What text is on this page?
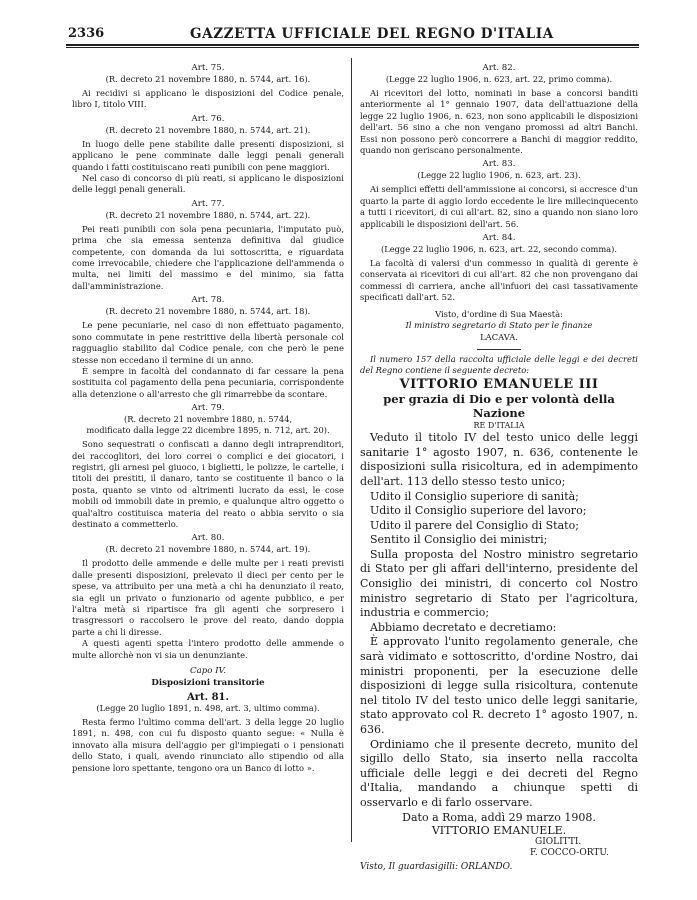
2336	GAZZETTA UFFICIALE DEL REGNO D'ITALIA

Art. 75.

(R. decreto 21 novembre 1880, n. 5744, art. 16).

Ai recidivi si applicano le disposizioni del Codice penale, libro I, titolo VIII.

Art. 76.

(R. decreto 21 novembre 1880, n. 5744, art. 21).

In luogo delle pene stabilite dalle presenti disposizioni, si applicano le pene comminate dalle leggi penali generali quando i fatti costituiscano reati punibili con pene maggiori.

Nel caso di concorso di più reati, si applicano le disposizioni delle leggi penali generali.

Art. 77.

(R. decreto 21 novembre 1880, n. 5744, art. 22).

Pei reati punibili con sola pena pecuniaria, l'imputato può, prima che sia emessa sentenza definitiva dal giudice competente, con domanda da lui sottoscritta, e riguardata come irrevocabile, chiedere che l'applicazione dell'ammenda o multa, nei limiti del massimo e del minimo, sia fatta dall'amministrazione.

Art. 78.

(R. decreto 21 novembre 1880, n. 5744, art. 18).

Le pene pecuniarie, nel caso di non effettuato pagamento, sono commutate in pene restrittive della libertà personale col ragguaglio stabilito dal Codice penale, con che però le pene stesse non eccedano il termine di un anno.

È sempre in facoltà del condannato di far cessare la pena sostituita col pagamento della pena pecuniaria, corrispondente alla detenzione o all'arresto che gli rimarrebbe da scontare.

Art. 79.

(R. decreto 21 novembre 1880, n. 5744,

modificato dalla legge 22 dicembre 1895, n. 712, art. 20).

Sono sequestrati o confiscati a danno degli intraprenditori, dei raccoglitori, dei loro correi o complici e dei giocatori, i registri, gli arnesi pel giuoco, i biglietti, le polizze, le cartelle, i titoli dei prestiti, il danaro, tanto se costituente il banco o la posta, quanto se vinto od altrimenti lucrato da essi, le cose mobili od immobili date in premio, e qualunque altro oggetto o qual'altro costituisca materia del reato o abbia servito o sia destinato a commetterlo.

Art. 80.

(R. decreto 21 novembre 1880, n. 5744, art. 19).

Il prodotto delle ammende e delle multe per i reati previsti dalle presenti disposizioni, prelevato il dieci per cento per le spese, va attribuito per una metà a chi ha denunziato il reato, sia egli un privato o funzionario od agente pubblico, e per l'altra metà si ripartisce fra gli agenti che sorpresero i trasgressori o raccolsero le prove del reato, dando doppia parte a chi li diresse.

A questi agenti spetta l'intero prodotto delle ammende o multe allorchè non vi sia un denunziante.

Capo IV.

Disposizioni transitorie

Art. 81.

(Legge 20 luglio 1891, n. 498, art. 3, ultimo comma).

Resta fermo l'ultimo comma dell'art. 3 della legge 20 luglio 1891, n. 498, con cui fu disposto quanto segue: « Nulla è innovato alla misura dell'aggio per gl'impiegati o i pensionati dello Stato, i quali, avendo rinunciato allo stipendio od alla pensione loro spettante, tengono ora un Banco di lotto ».

Art. 82.

(Legge 22 luglio 1906, n. 623, art. 22, primo comma).

Ai ricevitori del lotto, nominati in base a concorsi banditi anteriormente al 1° gennaio 1907, data dell'attuazione della legge 22 luglio 1906, n. 623, non sono applicabili le disposizioni dell'art. 56 sino a che non vengano promossi ad altri Banchi. Essi non possono però concorrere a Banchi di maggior reddito, quando non geriscano personalmente.

Art. 83.

(Legge 22 luglio 1906, n. 623, art. 23).

Ai semplici effetti dell'ammissione ai concorsi, si accresce d'un quarto la parte di aggio lordo eccedente le lire millecinquecento a tutti i ricevitori, di cui all'art. 82, sino a quando non siano loro applicabili le disposizioni dell'art. 56.

Art. 84.

(Legge 22 luglio 1906, n. 623, art. 22, secondo comma).

La facoltà di valersi d'un commesso in qualità di gerente è conservata ai ricevitori di cui all'art. 82 che non provengano dai commessi di carriera, anche all'infuori dei casi tassativamente specificati dall'art. 52.

Visto, d'ordine di Sua Maestà:

Il ministro segretario di Stato per le finanze

LACAVA.

Il numero 157 della raccolta ufficiale delle leggi e dei decreti del Regno contiene il seguente decreto:

VITTORIO EMANUELE III

per grazia di Dio e per volontà della Nazione

RE D'ITALIA

Veduto il titolo IV del testo unico delle leggi sanitarie 1° agosto 1907, n. 636, contenente le disposizioni sulla risicoltura, ed in adempimento dell'art. 113 dello stesso testo unico;

Udito il Consiglio superiore di sanità;

Udito il Consiglio superiore del lavoro;

Udito il parere del Consiglio di Stato;

Sentito il Consiglio dei ministri;

Sulla proposta del Nostro ministro segretario di Stato per gli affari dell'interno, presidente del Consiglio dei ministri, di concerto col Nostro ministro segretario di Stato per l'agricoltura, industria e commercio;

Abbiamo decretato e decretiamo:

È approvato l'unito regolamento generale, che sarà vidimato e sottoscritto, d'ordine Nostro, dai ministri proponenti, per la esecuzione delle disposizioni di legge sulla risicoltura, contenute nel titolo IV del testo unico delle leggi sanitarie, stato approvato col R. decreto 1° agosto 1907, n. 636.

Ordiniamo che il presente decreto, munito del sigillo dello Stato, sia inserto nella raccolta ufficiale delle leggi e dei decreti del Regno d'Italia, mandando a chiunque spetti di osservarlo e di farlo osservare.

Dato a Roma, addì 29 marzo 1908.

VITTORIO EMANUELE.

GIOLITTI.

F. COCCO-ORTU.

Visto, Il guardasigilli: ORLANDO.
